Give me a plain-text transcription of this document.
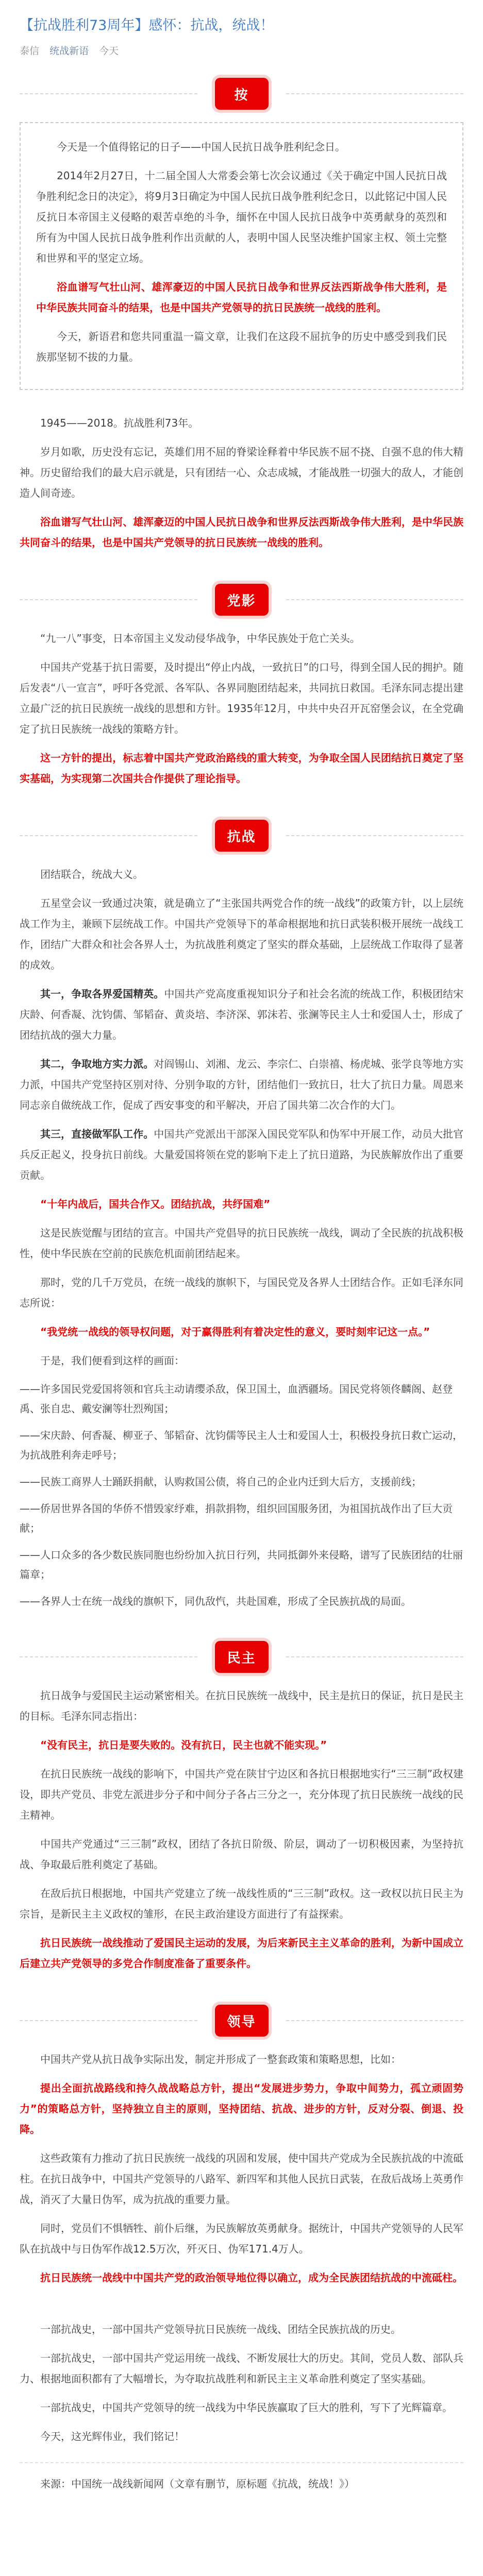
【抗战胜利73周年】感怀：抗战，统战！
泰信 统战新语 今天
按

今天是一个值得铭记的日子——中国人民抗日战争胜利纪念日。

2014年2月27日，十二届全国人大常委会第七次会议通过《关于确定中国人民抗日战争胜利纪念日的决定》，将9月3日确定为中国人民抗日战争胜利纪念日，以此铭记中国人民反抗日本帝国主义侵略的艰苦卓绝的斗争，缅怀在中国人民抗日战争中英勇献身的英烈和所有为中国人民抗日战争胜利作出贡献的人，表明中国人民坚决维护国家主权、领土完整和世界和平的坚定立场。

浴血谱写气壮山河、雄浑豪迈的中国人民抗日战争和世界反法西斯战争伟大胜利，是中华民族共同奋斗的结果，也是中国共产党领导的抗日民族统一战线的胜利。

今天，新语君和您共同重温一篇文章，让我们在这段不屈抗争的历史中感受到我们民族那坚韧不拔的力量。

1945——2018。抗战胜利73年。

岁月如歌，历史没有忘记，英雄们用不屈的脊梁诠释着中华民族不屈不挠、自强不息的伟大精神。历史留给我们的最大启示就是，只有团结一心、众志成城，才能战胜一切强大的敌人，才能创造人间奇迹。

浴血谱写气壮山河、雄浑豪迈的中国人民抗日战争和世界反法西斯战争伟大胜利，是中华民族共同奋斗的结果，也是中国共产党领导的抗日民族统一战线的胜利。

党影

“九一八”事变，日本帝国主义发动侵华战争，中华民族处于危亡关头。

中国共产党基于抗日需要，及时提出“停止内战，一致抗日”的口号，得到全国人民的拥护。随后发表“八一宣言”，呼吁各党派、各军队、各界同胞团结起来，共同抗日救国。毛泽东同志提出建立最广泛的抗日民族统一战线的思想和方针。1935年12月，中共中央召开瓦窑堡会议，在全党确定了抗日民族统一战线的策略方针。

这一方针的提出，标志着中国共产党政治路线的重大转变，为争取全国人民团结抗日奠定了坚实基础，为实现第二次国共合作提供了理论指导。

抗战

团结联合，统战大义。

五星堂会议一致通过决策，就是确立了“主张国共两党合作的统一战线”的政策方针，以上层统战工作为主，兼顾下层统战工作。中国共产党领导下的革命根据地和抗日武装积极开展统一战线工作，团结广大群众和社会各界人士，为抗战胜利奠定了坚实的群众基础，上层统战工作取得了显著的成效。

其一，争取各界爱国精英。中国共产党高度重视知识分子和社会名流的统战工作，积极团结宋庆龄、何香凝、沈钧儒、邹韬奋、黄炎培、李济深、郭沫若、张澜等民主人士和爱国人士，形成了团结抗战的强大力量。

其二，争取地方实力派。对阎锡山、刘湘、龙云、李宗仁、白崇禧、杨虎城、张学良等地方实力派，中国共产党坚持区别对待、分别争取的方针，团结他们一致抗日，壮大了抗日力量。周恩来同志亲自做统战工作，促成了西安事变的和平解决，开启了国共第二次合作的大门。

其三，直接做军队工作。中国共产党派出干部深入国民党军队和伪军中开展工作，动员大批官兵反正起义，投身抗日前线。大量爱国将领在党的影响下走上了抗日道路，为民族解放作出了重要贡献。

“十年内战后，国共合作又。团结抗战，共纾国难”

这是民族觉醒与团结的宣言。中国共产党倡导的抗日民族统一战线，调动了全民族的抗战积极性，使中华民族在空前的民族危机面前团结起来。

那时，党的几千万党员，在统一战线的旗帜下，与国民党及各界人士团结合作。正如毛泽东同志所说：

“我党统一战线的领导权问题，对于赢得胜利有着决定性的意义，要时刻牢记这一点。”

于是，我们便看到这样的画面：

——许多国民党爱国将领和官兵主动请缨杀敌，保卫国土，血洒疆场。国民党将领佟麟阁、赵登禹、张自忠、戴安澜等壮烈殉国；

——宋庆龄、何香凝、柳亚子、邹韬奋、沈钧儒等民主人士和爱国人士，积极投身抗日救亡运动，为抗战胜利奔走呼号；

——民族工商界人士踊跃捐献，认购救国公债，将自己的企业内迁到大后方，支援前线；

——侨居世界各国的华侨不惜毁家纾难，捐款捐物，组织回国服务团，为祖国抗战作出了巨大贡献；

——人口众多的各少数民族同胞也纷纷加入抗日行列，共同抵御外来侵略，谱写了民族团结的壮丽篇章；

——各界人士在统一战线的旗帜下，同仇敌忾，共赴国难，形成了全民族抗战的局面。

民主

抗日战争与爱国民主运动紧密相关。在抗日民族统一战线中，民主是抗日的保证，抗日是民主的目标。毛泽东同志指出：

“没有民主，抗日是要失败的。没有抗日，民主也就不能实现。”

在抗日民族统一战线的影响下，中国共产党在陕甘宁边区和各抗日根据地实行“三三制”政权建设，即共产党员、非党左派进步分子和中间分子各占三分之一，充分体现了抗日民族统一战线的民主精神。

中国共产党通过“三三制”政权，团结了各抗日阶级、阶层，调动了一切积极因素，为坚持抗战、争取最后胜利奠定了基础。

在敌后抗日根据地，中国共产党建立了统一战线性质的“三三制”政权。这一政权以抗日民主为宗旨，是新民主主义政权的雏形，在民主政治建设方面进行了有益探索。

抗日民族统一战线推动了爱国民主运动的发展，为后来新民主主义革命的胜利，为新中国成立后建立共产党领导的多党合作制度准备了重要条件。

领导

中国共产党从抗日战争实际出发，制定并形成了一整套政策和策略思想，比如：

提出全面抗战路线和持久战战略总方针，提出“发展进步势力，争取中间势力，孤立顽固势力”的策略总方针，坚持独立自主的原则，坚持团结、抗战、进步的方针，反对分裂、倒退、投降。

这些政策有力推动了抗日民族统一战线的巩固和发展，使中国共产党成为全民族抗战的中流砥柱。在抗日战争中，中国共产党领导的八路军、新四军和其他人民抗日武装，在敌后战场上英勇作战，消灭了大量日伪军，成为抗战的重要力量。

同时，党员们不惧牺牲、前仆后继，为民族解放英勇献身。据统计，中国共产党领导的人民军队在抗战中与日伪军作战12.5万次，歼灭日、伪军171.4万人。

抗日民族统一战线中中国共产党的政治领导地位得以确立，成为全民族团结抗战的中流砥柱。

一部抗战史，一部中国共产党领导抗日民族统一战线、团结全民族抗战的历史。

一部抗战史，一部中国共产党运用统一战线、不断发展壮大的历史。其间，党员人数、部队兵力、根据地面积都有了大幅增长，为夺取抗战胜利和新民主主义革命胜利奠定了坚实基础。

一部抗战史，中国共产党领导的统一战线为中华民族赢取了巨大的胜利，写下了光辉篇章。

今天，这光辉伟业，我们铭记！

来源：中国统一战线新闻网（文章有删节，原标题《抗战，统战！》）
